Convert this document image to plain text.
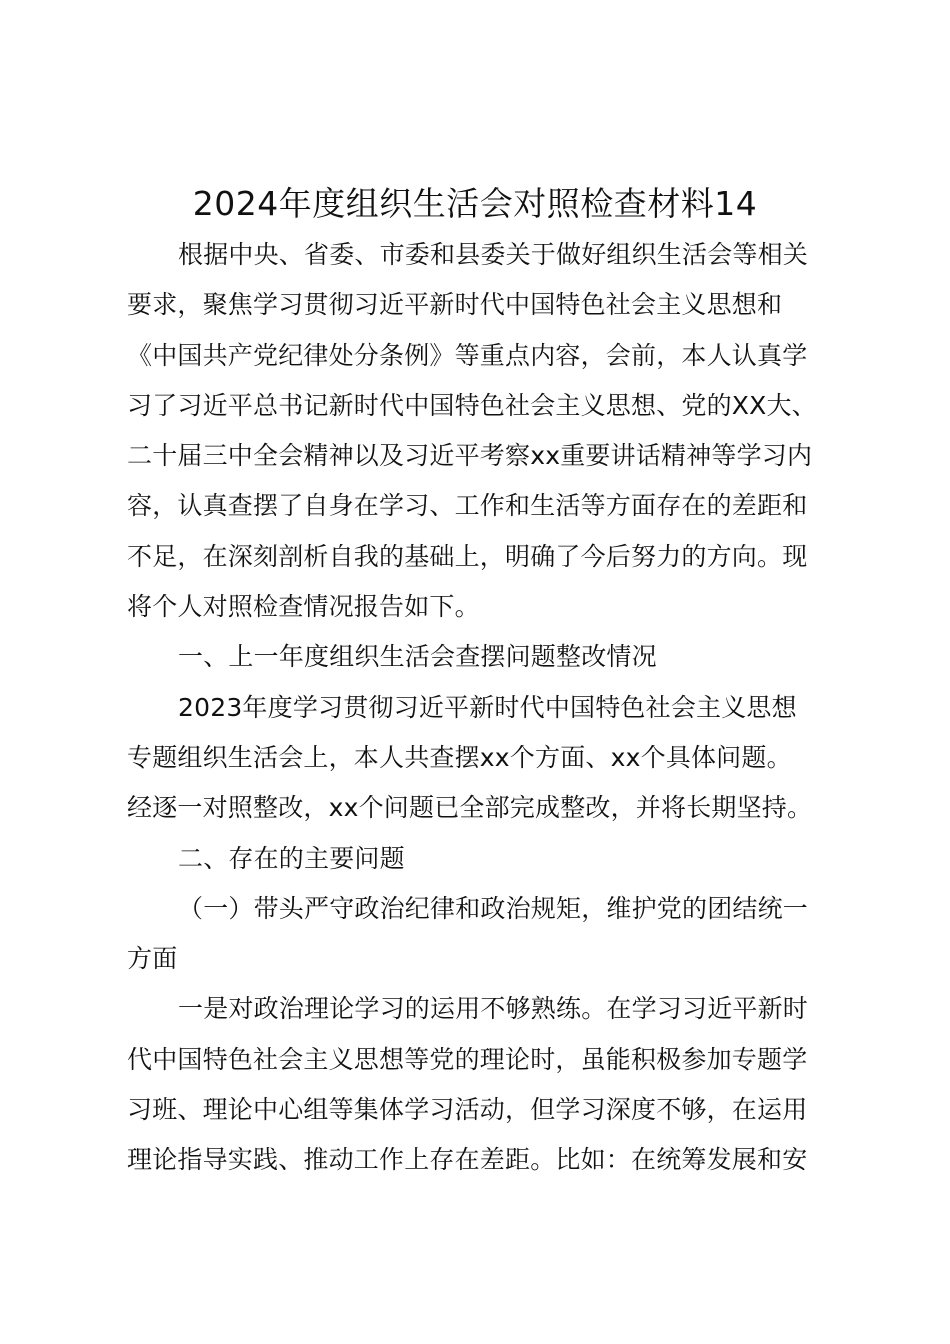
2024年度组织生活会对照检查材料14
根据中央、省委、市委和县委关于做好组织生活会等相关
要求，聚焦学习贯彻习近平新时代中国特色社会主义思想和
《中国共产党纪律处分条例》等重点内容，会前，本人认真学
习了习近平总书记新时代中国特色社会主义思想、党的XX大、
二十届三中全会精神以及习近平考察xx重要讲话精神等学习内
容，认真查摆了自身在学习、工作和生活等方面存在的差距和
不足，在深刻剖析自我的基础上，明确了今后努力的方向。现
将个人对照检查情况报告如下。
一、上一年度组织生活会查摆问题整改情况
2023年度学习贯彻习近平新时代中国特色社会主义思想
专题组织生活会上，本人共查摆xx个方面、xx个具体问题。
经逐一对照整改，xx个问题已全部完成整改，并将长期坚持。
二、存在的主要问题
（一）带头严守政治纪律和政治规矩，维护党的团结统一
方面
一是对政治理论学习的运用不够熟练。在学习习近平新时
代中国特色社会主义思想等党的理论时，虽能积极参加专题学
习班、理论中心组等集体学习活动，但学习深度不够，在运用
理论指导实践、推动工作上存在差距。比如：在统筹发展和安
